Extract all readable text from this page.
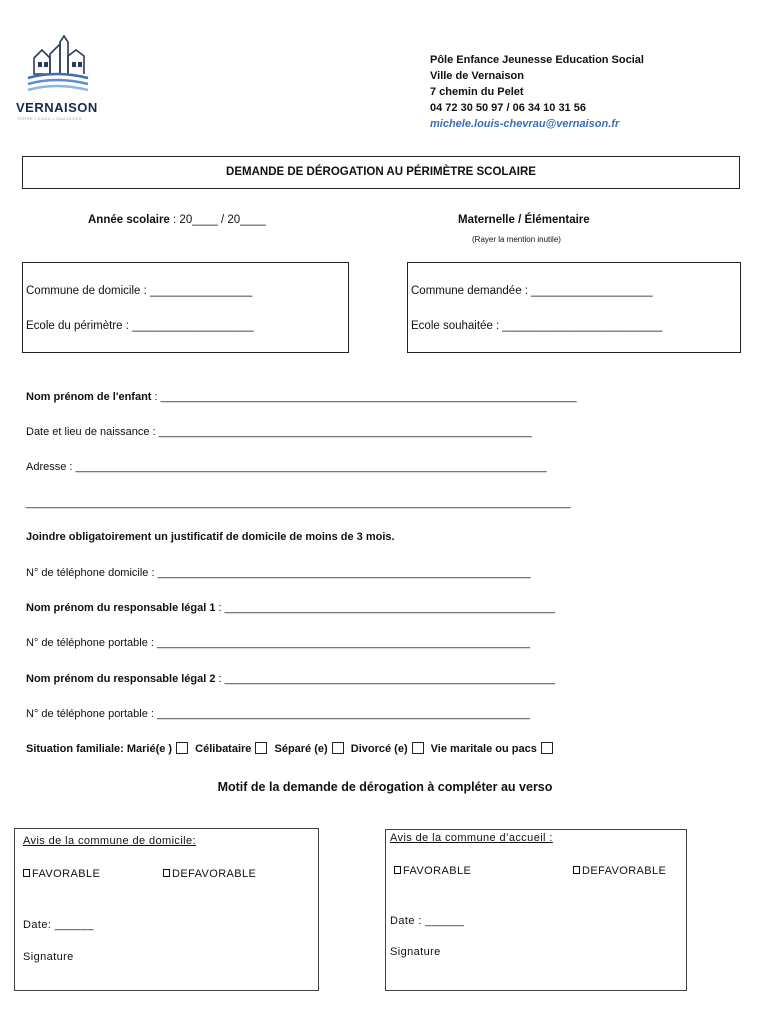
VERNAISON
TERRE • EAUX • SAUVAGES
Pôle Enfance Jeunesse Education Social
Ville de Vernaison
7 chemin du Pelet
04 72 30 50 97 / 06 34 10 31 56
michele.louis-chevrau@vernaison.fr
DEMANDE DE DÉROGATION AU PÉRIMÈTRE SCOLAIRE
Année scolaire : 20____ / 20____	Maternelle / Élémentaire
(Rayer la mention inutile)
Commune de domicile : ________________
Ecole du périmètre : ___________________
Commune demandée : ___________________
Ecole souhaitée : _________________________
Nom prénom de l'enfant : ____________________________________________________________________
Date et lieu de naissance : _____________________________________________________________
Adresse : _____________________________________________________________________________
_________________________________________________________________________________________
Joindre obligatoirement un justificatif de domicile de moins de 3 mois.
N° de téléphone domicile : _____________________________________________________________
Nom prénom du responsable légal 1 : ______________________________________________________
N° de téléphone portable : _____________________________________________________________
Nom prénom du responsable légal 2 : ______________________________________________________
N° de téléphone portable : _____________________________________________________________
Situation familiale: Marié(e ) Célibataire Séparé (e) Divorcé (e) Vie maritale ou pacs
Motif de la demande de dérogation à compléter au verso
Avis de la commune de domicile:
FAVORABLE	DEFAVORABLE
Date: ______
Signature
Avis de la commune d’accueil :
FAVORABLE	DEFAVORABLE
Date : ______
Signature
